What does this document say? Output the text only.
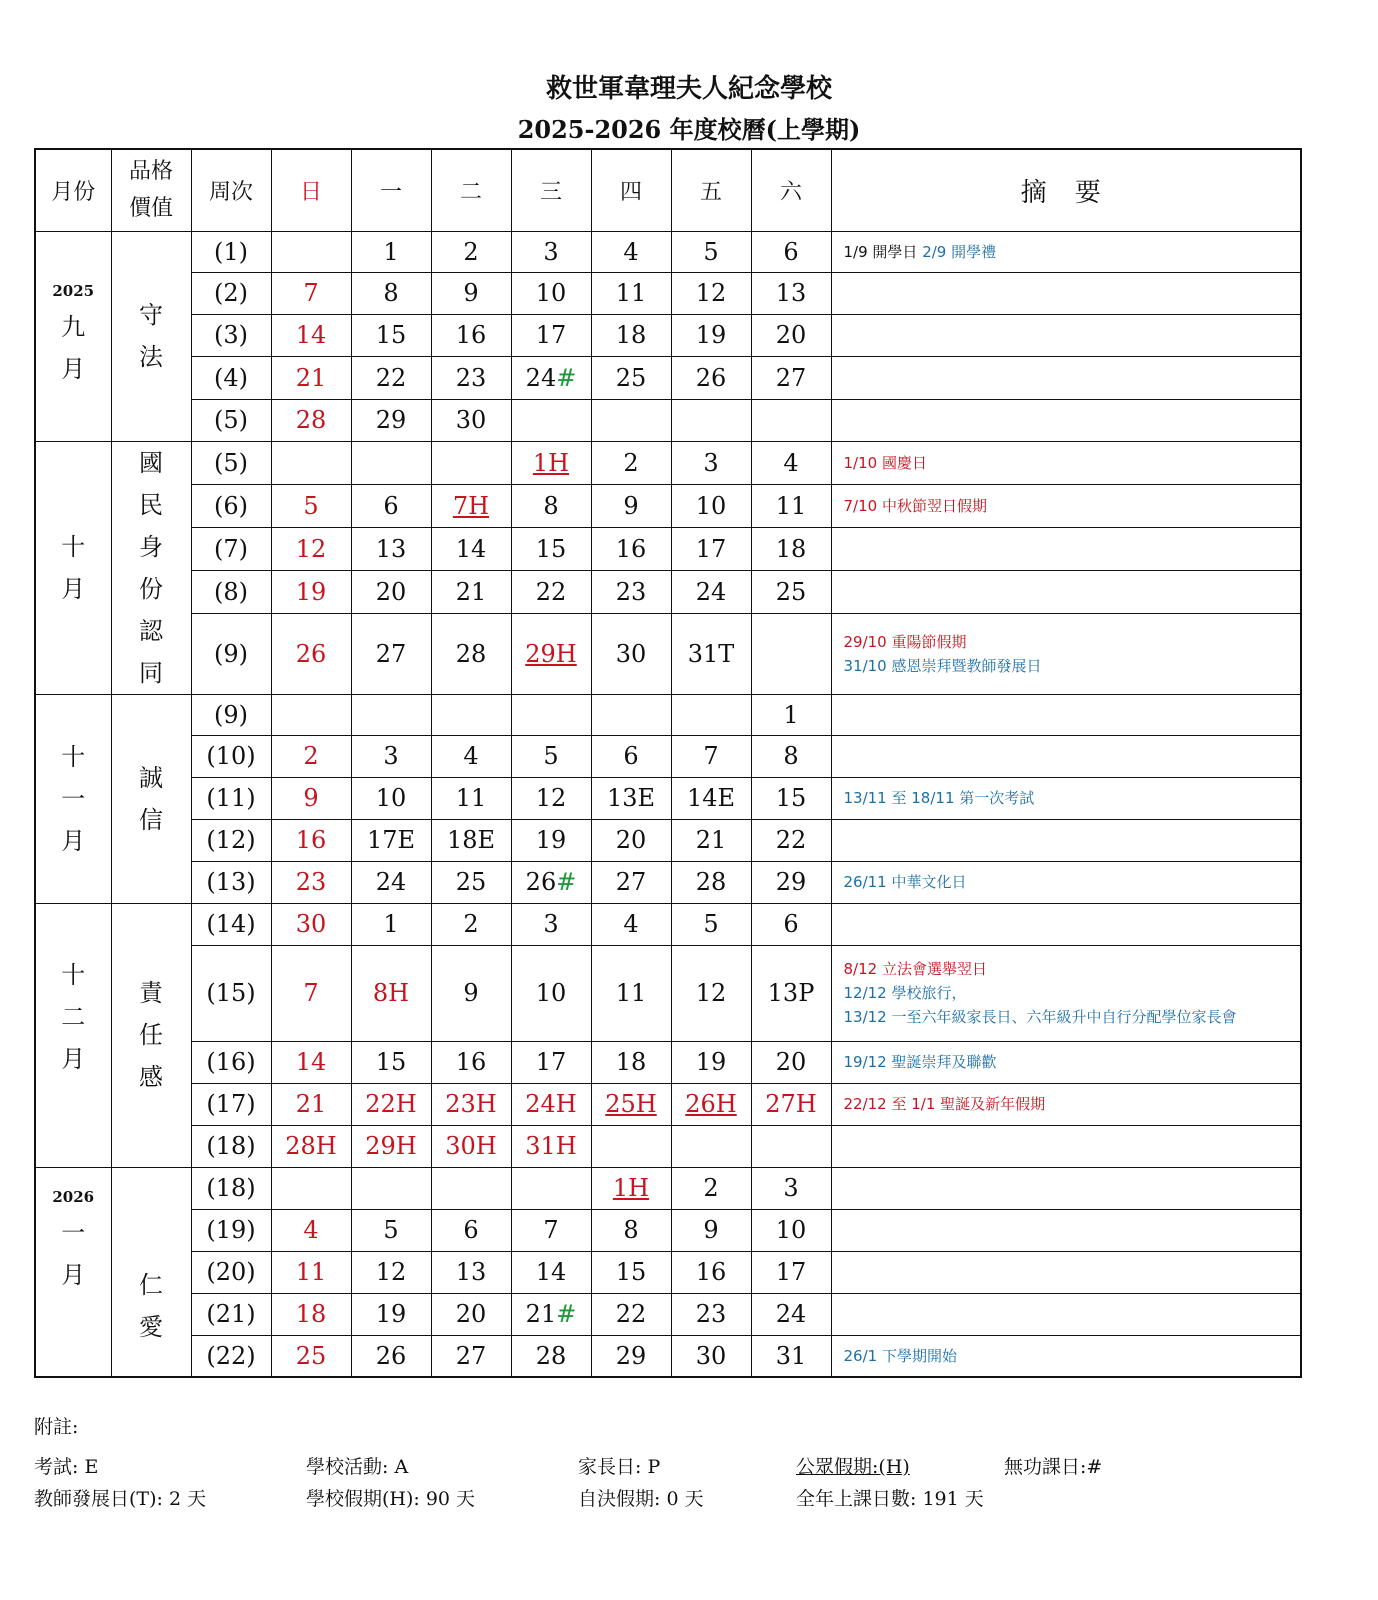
救世軍韋理夫人紀念學校
2025-2026 年度校曆(上學期)
月份	品格價值	周次	日	一	二	三	四	五	六	摘 要

2025
九月	守法	(1)		1	2	3	4	5	6	1/9 開學日 2/9 開學禮

		(2)	7	8	9	10	11	12	13	
		(3)	14	15	16	17	18	19	20	
		(4)	21	22	23	24#	25	26	27	
		(5)	28	29	30					

十月	國民身份認同	(5)				1H	2	3	4	1/10 國慶日

		(6)	5	6	7H	8	9	10	11	7/10 中秋節翌日假期

		(7)	12	13	14	15	16	17	18	
		(8)	19	20	21	22	23	24	25	
		(9)	26	27	28	29H	30	31T		29/10 重陽節假期
31/10 感恩崇拜暨教師發展日

十一月	誠信	(9)							1	
		(10)	2	3	4	5	6	7	8	
		(11)	9	10	11	12	13E	14E	15	13/11 至 18/11 第一次考試

		(12)	16	17E	18E	19	20	21	22	
		(13)	23	24	25	26#	27	28	29	26/11 中華文化日

十二月	責任感	(14)	30	1	2	3	4	5	6	
		(15)	7	8H	9	10	11	12	13P	8/12 立法會選舉翌日
12/12 學校旅行，
13/12 一至六年級家長日、六年級升中自行分配學位家長會

		(16)	14	15	16	17	18	19	20	19/12 聖誕崇拜及聯歡

		(17)	21	22H	23H	24H	25H	26H	27H	22/12 至 1/1 聖誕及新年假期

		(18)	28H	29H	30H	31H				

2026
一月	仁愛	(18)					1H	2	3	
		(19)	4	5	6	7	8	9	10	
		(20)	11	12	13	14	15	16	17	
		(21)	18	19	20	21#	22	23	24	
		(22)	25	26	27	28	29	30	31	26/1 下學期開始
附註:
考試: E	學校活動: A	家長日: P	公眾假期:(H)	無功課日:#
教師發展日(T): 2 天	學校假期(H): 90 天	自決假期: 0 天	全年上課日數: 191 天
